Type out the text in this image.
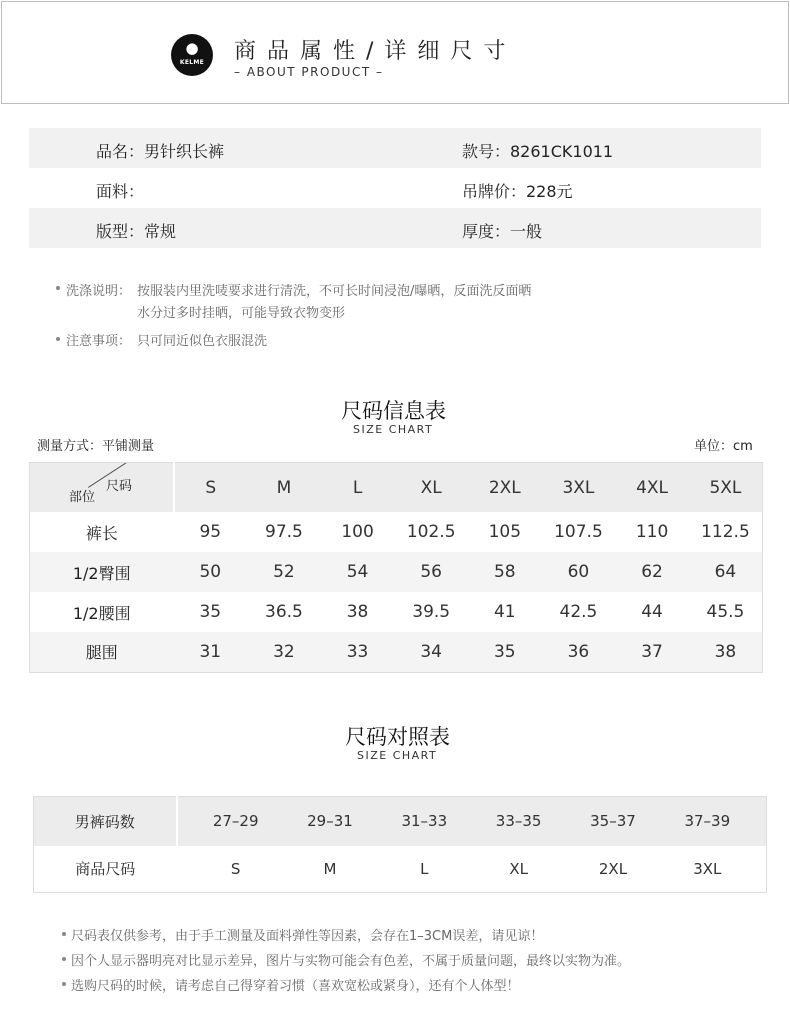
●
KELME	商品属性/详细尺寸
– ABOUT PRODUCT –
品名：男针织长裤	款号：8261CK1011
面料：	吊牌价：228元
版型：常规	厚度：一般
洗涤说明： 按服装内里洗唛要求进行清洗，不可长时间浸泡/曝晒，反面洗反面晒
水分过多时挂晒，可能导致衣物变形
注意事项： 只可同近似色衣服混洗
尺码信息表
SIZE CHART
测量方式：平铺测量	单位：cm
尺码
部位	S	M	L	XL	2XL	3XL	4XL	5XL
裤长	95	97.5	100	102.5	105	107.5	110	112.5
1/2臀围	50	52	54	56	58	60	62	64
1/2腰围	35	36.5	38	39.5	41	42.5	44	45.5
腿围	31	32	33	34	35	36	37	38
尺码对照表
SIZE CHART
男裤码数		27–29	29–31	31–33	33–35	35–37	37–39	
商品尺码		S	M	L	XL	2XL	3XL	
尺码表仅供参考，由于手工测量及面料弹性等因素，会存在1–3CM误差，请见谅！
因个人显示器明亮对比显示差异，图片与实物可能会有色差，不属于质量问题，最终以实物为准。
选购尺码的时候，请考虑自己得穿着习惯（喜欢宽松或紧身），还有个人体型！
